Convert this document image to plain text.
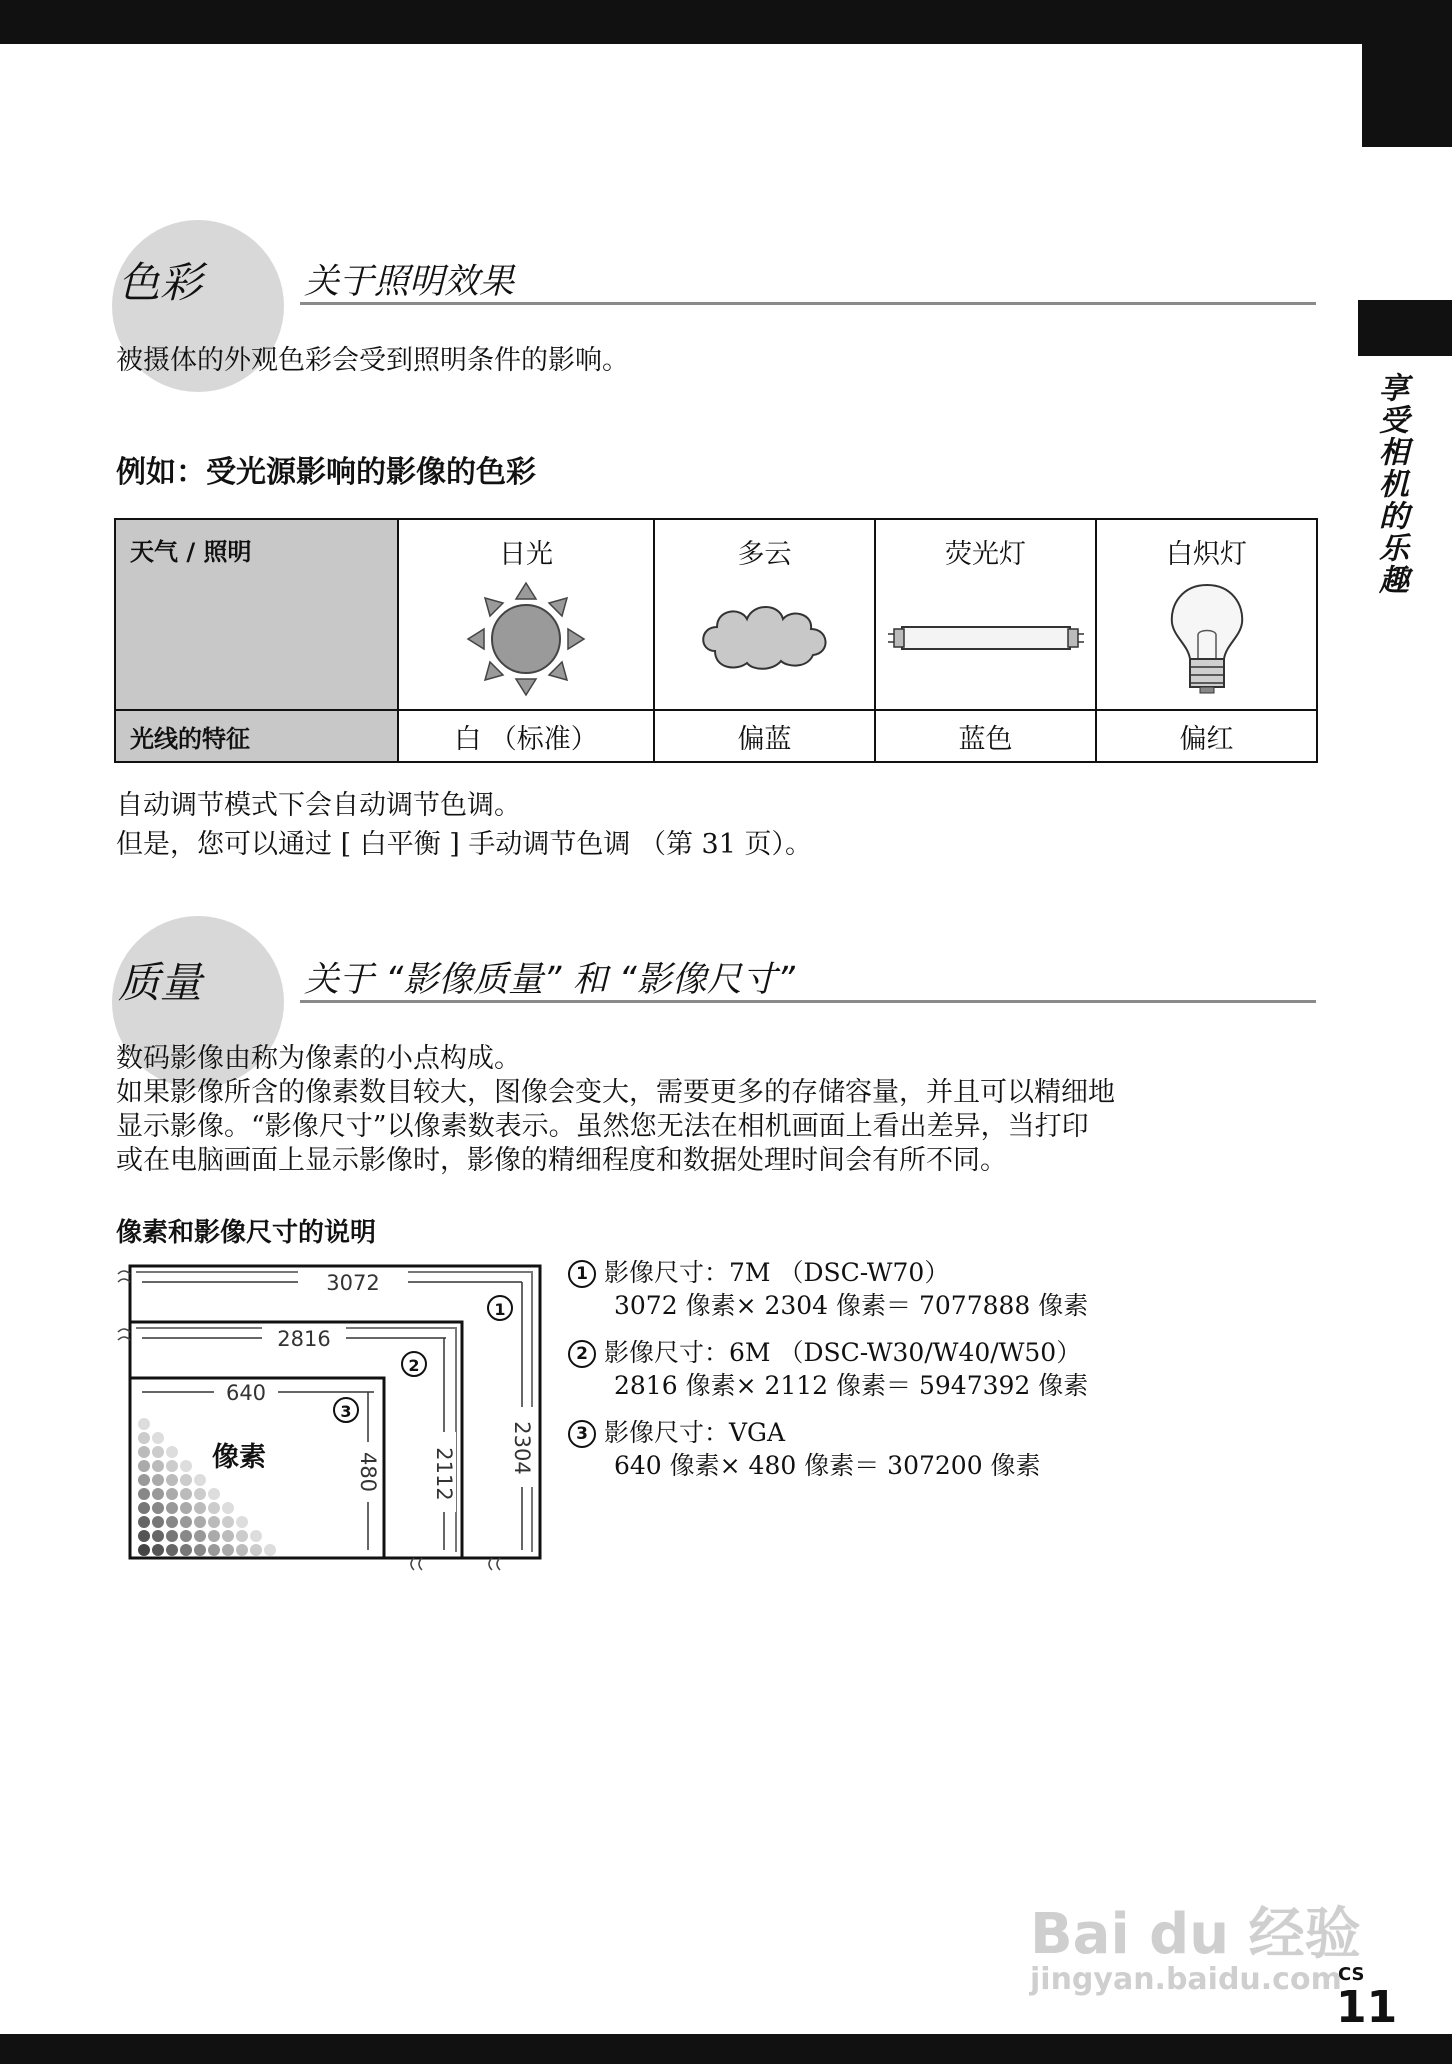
享受相机的乐趣
色彩	关于照明效果
被摄体的外观色彩会受到照明条件的影响。
例如：受光源影响的影像的色彩
天气 / 照明	日光	多云	荧光灯	白炽灯

光线的特征	白 （标准）	偏蓝	蓝色	偏红
自动调节模式下会自动调节色调。
但是，您可以通过 [ 白平衡 ] 手动调节色调 （第 31 页）。
质量	关于 “影像质量” 和 “影像尺寸”
数码影像由称为像素的小点构成。
如果影像所含的像素数目较大，图像会变大，需要更多的存储容量，并且可以精细地
显示影像。“影像尺寸”以像素数表示。虽然您无法在相机画面上看出差异，当打印
或在电脑画面上显示影像时，影像的精细程度和数据处理时间会有所不同。
像素和影像尺寸的说明
3072
2816
640
2304
2112
480
1
2
3
像素
1 影像尺寸：7M （DSC-W70）
3072 像素× 2304 像素＝ 7077888 像素
2 影像尺寸：6M （DSC-W30/W40/W50）
2816 像素× 2112 像素＝ 5947392 像素
3 影像尺寸：VGA
640 像素× 480 像素＝ 307200 像素
Bai du 经验
jingyan.baidu.com
CS
11
